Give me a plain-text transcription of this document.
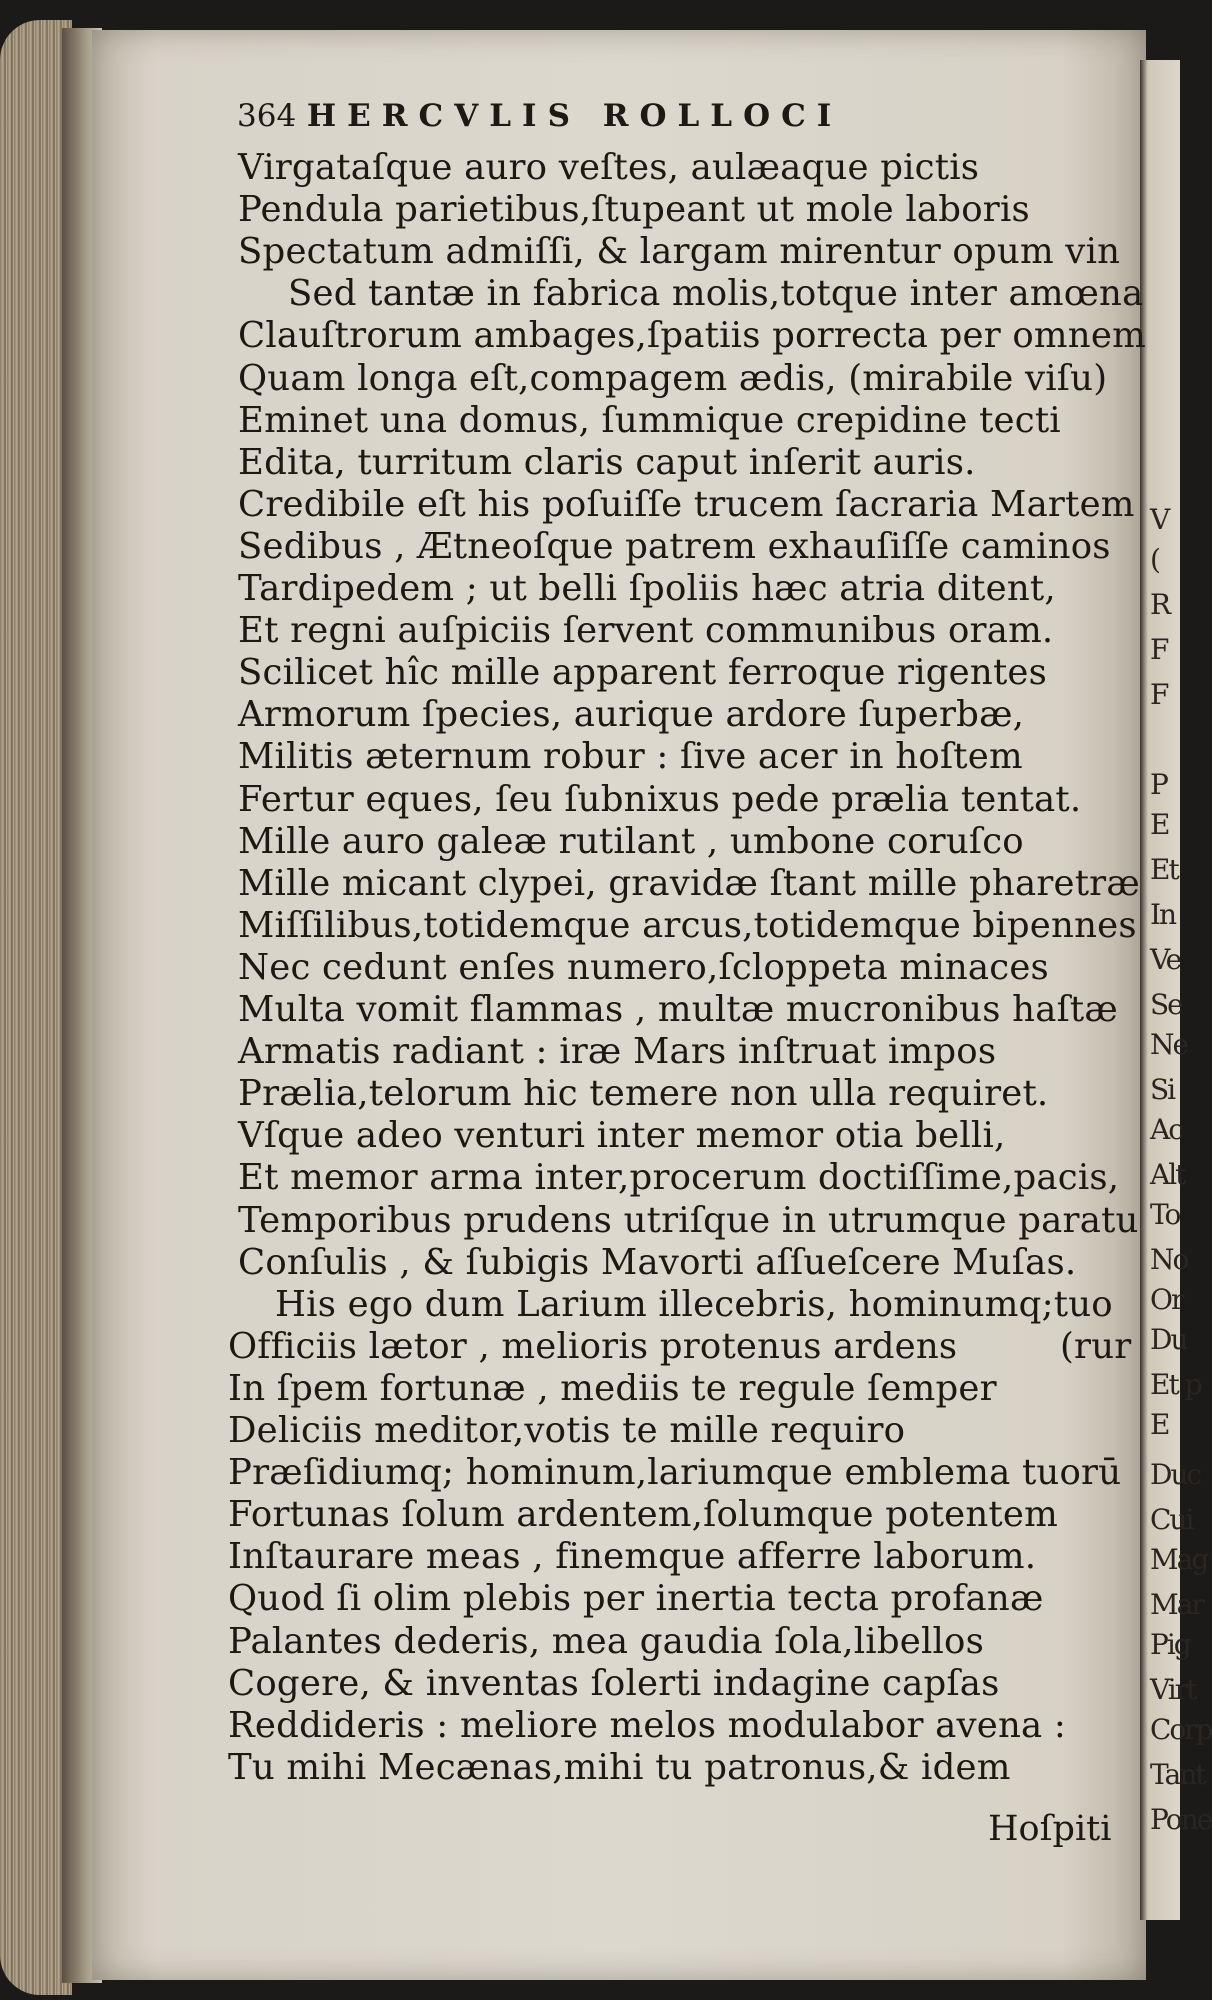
364 HERCVLIS ROLLOCI
Virgataſque auro veſtes, aulæaque pictis
Pendula parietibus,ſtupeant ut mole laboris
Spectatum admiſſi, & largam mirentur opum vin
Sed tantæ in fabrica molis,totque inter amœna
Clauſtrorum ambages,ſpatiis porrecta per omnem
Quam longa eſt,compagem ædis, (mirabile viſu)
Eminet una domus, ſummique crepidine tecti
Edita, turritum claris caput inſerit auris.
Credibile eſt his poſuiſſe trucem ſacraria Martem
Sedibus , Ætneoſque patrem exhauſiſſe caminos
Tardipedem ; ut belli ſpoliis hæc atria ditent,
Et regni auſpiciis ſervent communibus oram.
Scilicet hîc mille apparent ferroque rigentes
Armorum ſpecies, aurique ardore ſuperbæ,
Militis æternum robur : ſive acer in hoſtem
Fertur eques, ſeu ſubnixus pede prælia tentat.
Mille auro galeæ rutilant , umbone coruſco
Mille micant clypei, gravidæ ſtant mille pharetræ
Miſſilibus,totidemque arcus,totidemque bipennes
Nec cedunt enſes numero,ſcloppeta minaces
Multa vomit flammas , multæ mucronibus haſtæ
Armatis radiant : iræ Mars inſtruat impos
Prælia,telorum hic temere non ulla requiret.
Vſque adeo venturi inter memor otia belli,
Et memor arma inter,procerum doctiſſime,pacis,
Temporibus prudens utriſque in utrumque paratu
Conſulis , & ſubigis Mavorti aſſueſcere Muſas.
His ego dum Larium illecebris, hominumq;tuo
Officiis lætor , melioris protenus ardens
In ſpem fortunæ , mediis te regule ſemper
Deliciis meditor,votis te mille requiro
Præſidiumq; hominum,lariumque emblema tuorū
Fortunas ſolum ardentem,ſolumque potentem
Inſtaurare meas , finemque afferre laborum.
Quod ſi olim plebis per inertia tecta profanæ
Palantes dederis, mea gaudia ſola,libellos
Cogere, & inventas ſolerti indagine capſas
Reddideris : meliore melos modulabor avena :
Tu mihi Mecænas,mihi tu patronus,& idem
(rur
Hoſpiti
V
(
R
F
F
P
E
Et
In
Ve
Se
Ne
Si
Ac
Alt
To
No
Or
Du
Et p
E
Duc
Cui
Mag
Mar
Pig
Virt
Corp
Tant
Pone
